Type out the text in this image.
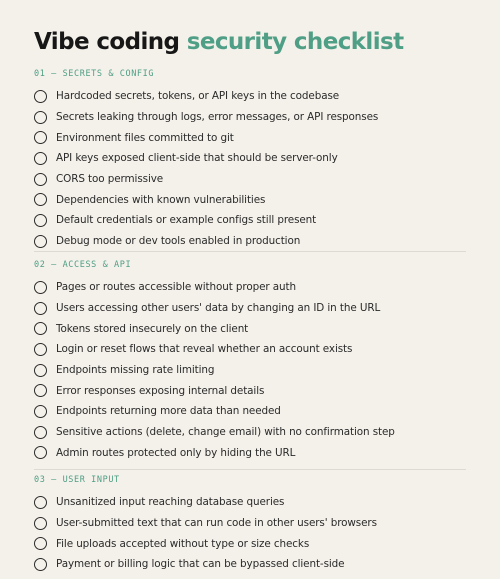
Vibe coding security checklist
01 — SECRETS & CONFIG
Hardcoded secrets, tokens, or API keys in the codebase
Secrets leaking through logs, error messages, or API responses
Environment files committed to git
API keys exposed client-side that should be server-only
CORS too permissive
Dependencies with known vulnerabilities
Default credentials or example configs still present
Debug mode or dev tools enabled in production
02 — ACCESS & API
Pages or routes accessible without proper auth
Users accessing other users' data by changing an ID in the URL
Tokens stored insecurely on the client
Login or reset flows that reveal whether an account exists
Endpoints missing rate limiting
Error responses exposing internal details
Endpoints returning more data than needed
Sensitive actions (delete, change email) with no confirmation step
Admin routes protected only by hiding the URL
03 — USER INPUT
Unsanitized input reaching database queries
User-submitted text that can run code in other users' browsers
File uploads accepted without type or size checks
Payment or billing logic that can be bypassed client-side
